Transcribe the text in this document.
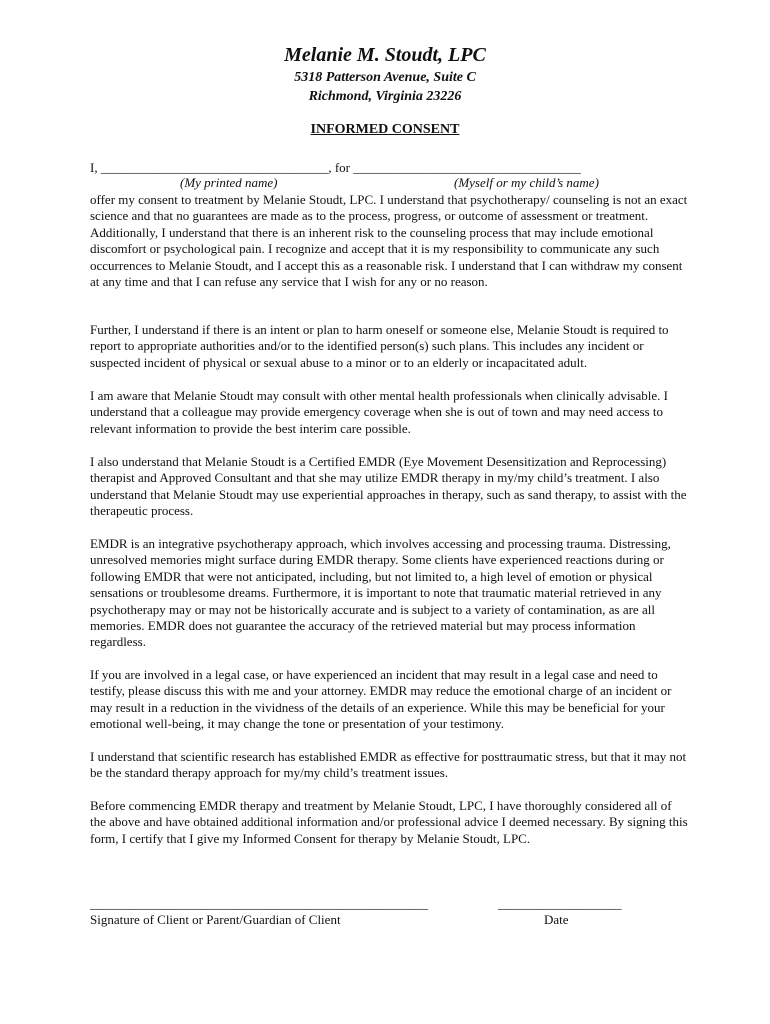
Melanie M. Stoudt, LPC
5318 Patterson Avenue, Suite C
Richmond, Virginia 23226
INFORMED CONSENT
I, ___________________________________, for ___________________________________
(My printed name)	(Myself or my child’s name)

offer my consent to treatment by Melanie Stoudt, LPC. I understand that psychotherapy/ counseling is not an exact science and that no guarantees are made as to the process, progress, or outcome of assessment or treatment. Additionally, I understand that there is an inherent risk to the counseling process that may include emotional discomfort or psychological pain. I recognize and accept that it is my responsibility to communicate any such occurrences to Melanie Stoudt, and I accept this as a reasonable risk. I understand that I can withdraw my consent at any time and that I can refuse any service that I wish for any or no reason.

Further, I understand if there is an intent or plan to harm oneself or someone else, Melanie Stoudt is required to report to appropriate authorities and/or to the identified person(s) such plans. This includes any incident or suspected incident of physical or sexual abuse to a minor or to an elderly or incapacitated adult.

I am aware that Melanie Stoudt may consult with other mental health professionals when clinically advisable. I understand that a colleague may provide emergency coverage when she is out of town and may need access to relevant information to provide the best interim care possible.

I also understand that Melanie Stoudt is a Certified EMDR (Eye Movement Desensitization and Reprocessing) therapist and Approved Consultant and that she may utilize EMDR therapy in my/my child’s treatment. I also understand that Melanie Stoudt may use experiential approaches in therapy, such as sand therapy, to assist with the therapeutic process.

EMDR is an integrative psychotherapy approach, which involves accessing and processing trauma. Distressing, unresolved memories might surface during EMDR therapy. Some clients have experienced reactions during or following EMDR that were not anticipated, including, but not limited to, a high level of emotion or physical sensations or troublesome dreams. Furthermore, it is important to note that traumatic material retrieved in any psychotherapy may or may not be historically accurate and is subject to a variety of contamination, as are all memories. EMDR does not guarantee the accuracy of the retrieved material but may process information regardless.

If you are involved in a legal case, or have experienced an incident that may result in a legal case and need to testify, please discuss this with me and your attorney. EMDR may reduce the emotional charge of an incident or may result in a reduction in the vividness of the details of an experience. While this may be beneficial for your emotional well-being, it may change the tone or presentation of your testimony.

I understand that scientific research has established EMDR as effective for posttraumatic stress, but that it may not be the standard therapy approach for my/my child’s treatment issues.

Before commencing EMDR therapy and treatment by Melanie Stoudt, LPC, I have thoroughly considered all of the above and have obtained additional information and/or professional advice I deemed necessary. By signing this form, I certify that I give my Informed Consent for therapy by Melanie Stoudt, LPC.

____________________________________________________	___________________
Signature of Client or Parent/Guardian of Client	Date
